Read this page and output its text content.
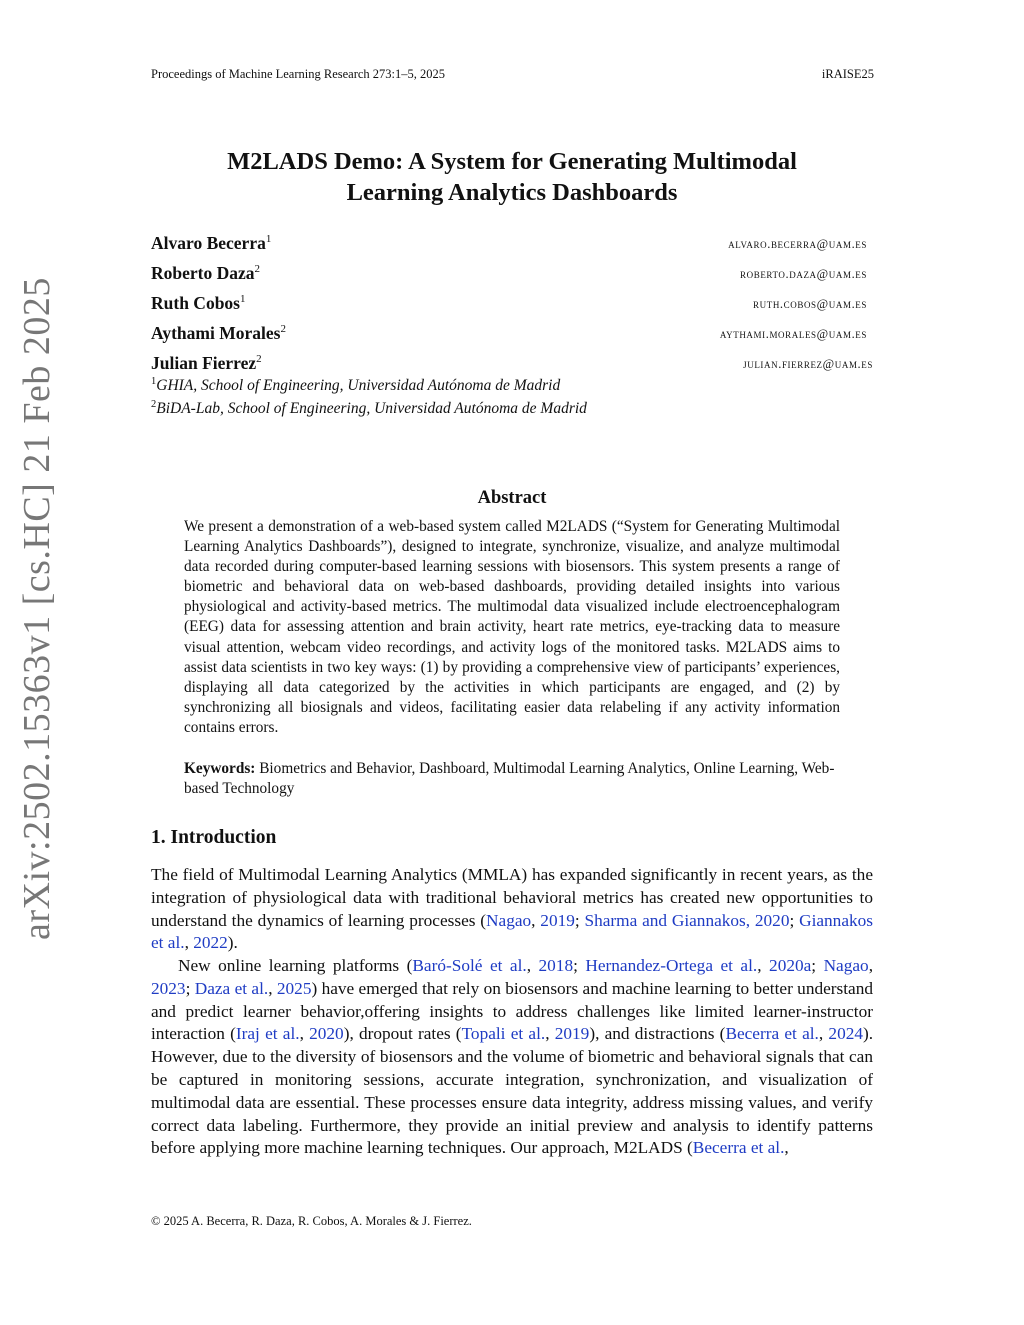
Proceedings of Machine Learning Research 273:1–5, 2025	iRAISE25
arXiv:2502.15363v1 [cs.HC] 21 Feb 2025
M2LADS Demo: A System for Generating Multimodal
Learning Analytics Dashboards
Alvaro Becerra$^1$	alvaro.becerra@uam.es
Roberto Daza$^2$	roberto.daza@uam.es
Ruth Cobos$^1$	ruth.cobos@uam.es
Aythami Morales$^2$	aythami.morales@uam.es
Julian Fierrez$^2$	julian.fierrez@uam.es
$^1$GHIA, School of Engineering, Universidad Autónoma de Madrid
$^2$BiDA-Lab, School of Engineering, Universidad Autónoma de Madrid
Abstract
We present a demonstration of a web-based system called M2LADS (“System for Generating Multimodal Learning Analytics Dashboards”), designed to integrate, synchronize, visualize, and analyze multimodal data recorded during computer-based learning sessions with biosensors. This system presents a range of biometric and behavioral data on web-based dashboards, providing detailed insights into various physiological and activity-based metrics. The multimodal data visualized include electroencephalogram (EEG) data for assessing attention and brain activity, heart rate metrics, eye-tracking data to measure visual attention, webcam video recordings, and activity logs of the monitored tasks. M2LADS aims to assist data scientists in two key ways: (1) by providing a comprehensive view of participants’ experiences, displaying all data categorized by the activities in which participants are engaged, and (2) by synchronizing all biosignals and videos, facilitating easier data relabeling if any activity information contains errors.
Keywords: Biometrics and Behavior, Dashboard, Multimodal Learning Analytics, Online Learning, Web-based Technology
1. Introduction
The field of Multimodal Learning Analytics (MMLA) has expanded significantly in recent years, as the integration of physiological data with traditional behavioral metrics has created new opportunities to understand the dynamics of learning processes (Nagao, 2019; Sharma and Giannakos, 2020; Giannakos et al., 2022).
New online learning platforms (Baró-Solé et al., 2018; Hernandez-Ortega et al., 2020a; Nagao, 2023; Daza et al., 2025) have emerged that rely on biosensors and machine learning to better understand and predict learner behavior,offering insights to address challenges like limited learner-instructor interaction (Iraj et al., 2020), dropout rates (Topali et al., 2019), and distractions (Becerra et al., 2024). However, due to the diversity of biosensors and the volume of biometric and behavioral signals that can be captured in monitoring sessions, accurate integration, synchronization, and visualization of multimodal data are essential. These processes ensure data integrity, address missing values, and verify correct data labeling. Furthermore, they provide an initial preview and analysis to identify patterns before applying more machine learning techniques. Our approach, M2LADS (Becerra et al.,
© 2025 A. Becerra, R. Daza, R. Cobos, A. Morales & J. Fierrez.
